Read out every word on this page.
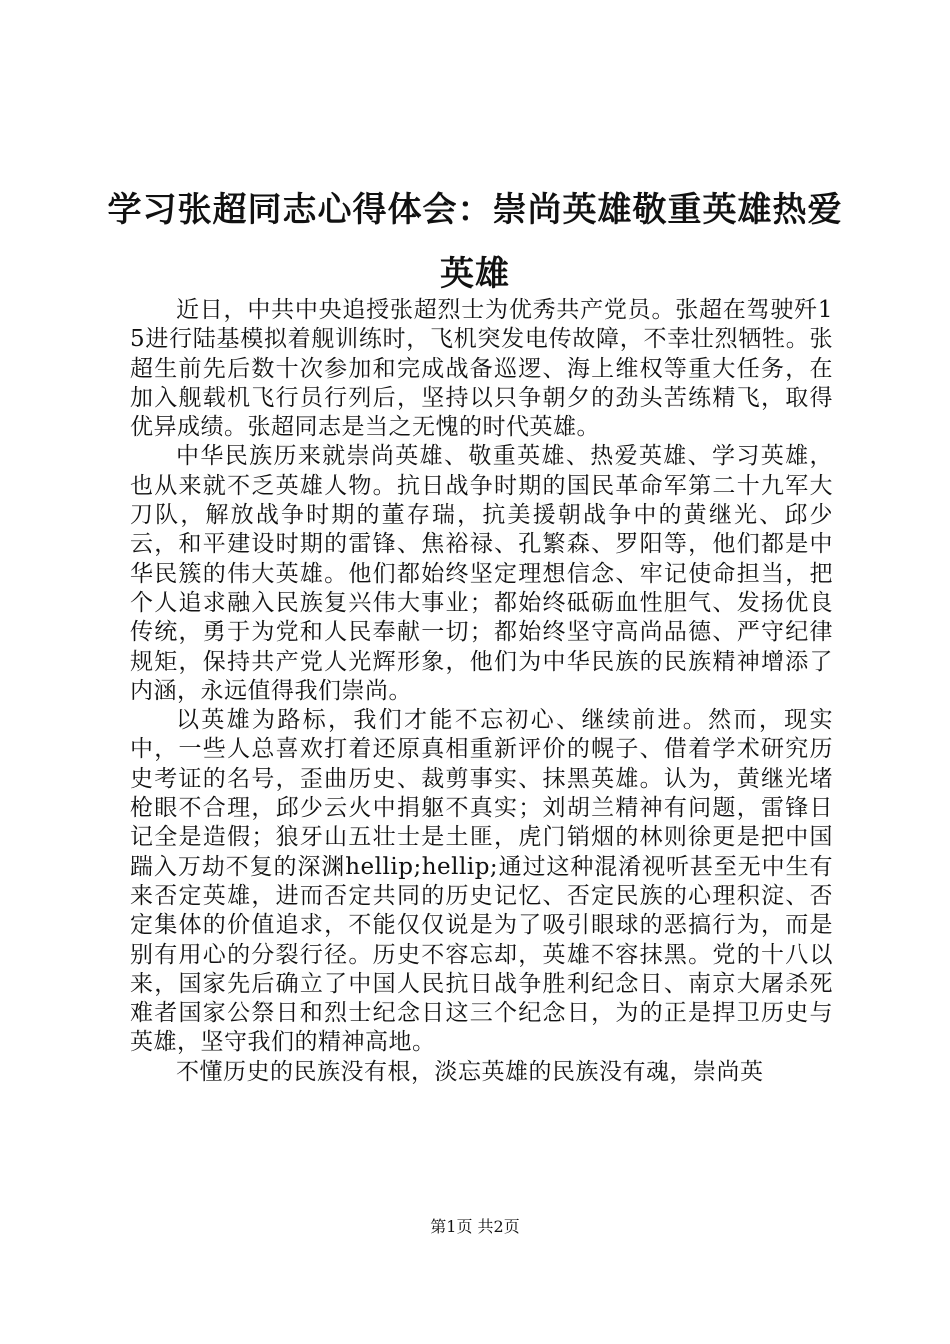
学习张超同志心得体会：崇尚英雄敬重英雄热爱英雄

近日，中共中央追授张超烈士为优秀共产党员。张超在驾驶歼15进行陆基模拟着舰训练时，飞机突发电传故障，不幸壮烈牺牲。张超生前先后数十次参加和完成战备巡逻、海上维权等重大任务，在加入舰载机飞行员行列后，坚持以只争朝夕的劲头苦练精飞，取得优异成绩。张超同志是当之无愧的时代英雄。

中华民族历来就崇尚英雄、敬重英雄、热爱英雄、学习英雄，也从来就不乏英雄人物。抗日战争时期的国民革命军第二十九军大刀队，解放战争时期的董存瑞，抗美援朝战争中的黄继光、邱少云，和平建设时期的雷锋、焦裕禄、孔繁森、罗阳等，他们都是中华民簇的伟大英雄。他们都始终坚定理想信念、牢记使命担当，把个人追求融入民族复兴伟大事业；都始终砥砺血性胆气、发扬优良传统，勇于为党和人民奉献一切；都始终坚守高尚品德、严守纪律规矩，保持共产党人光辉形象，他们为中华民族的民族精神增添了内涵，永远值得我们崇尚。

以英雄为路标，我们才能不忘初心、继续前进。然而，现实中，一些人总喜欢打着还原真相重新评价的幌子、借着学术研究历史考证的名号，歪曲历史、裁剪事实、抹黑英雄。认为，黄继光堵枪眼不合理，邱少云火中捐躯不真实；刘胡兰精神有问题，雷锋日记全是造假；狼牙山五壮士是土匪，虎门销烟的林则徐更是把中国踹入万劫不复的深渊hellip;hellip;通过这种混淆视听甚至无中生有来否定英雄，进而否定共同的历史记忆、否定民族的心理积淀、否定集体的价值追求，不能仅仅说是为了吸引眼球的恶搞行为，而是别有用心的分裂行径。历史不容忘却，英雄不容抹黑。党的十八以来，国家先后确立了中国人民抗日战争胜利纪念日、南京大屠杀死难者国家公祭日和烈士纪念日这三个纪念日，为的正是捍卫历史与英雄，坚守我们的精神高地。

不懂历史的民族没有根，淡忘英雄的民族没有魂，崇尚英

第1页 共2页
